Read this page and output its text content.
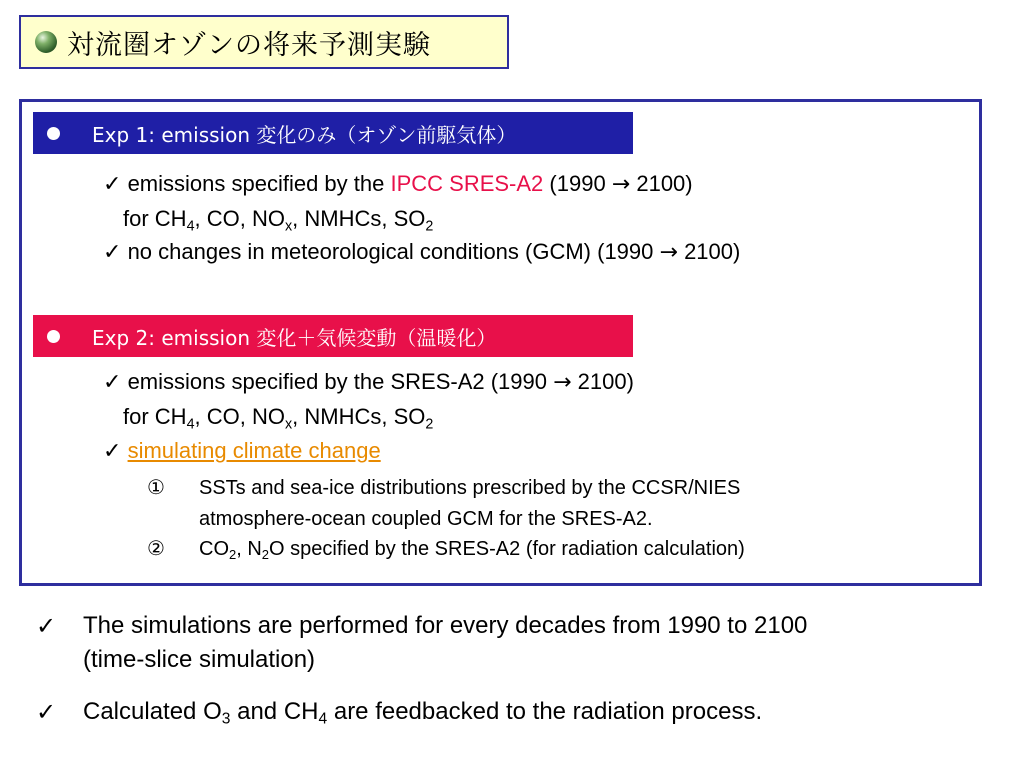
対流圏オゾンの将来予測実験
Exp 1: emission 変化のみ（オゾン前駆気体）
✓ emissions specified by the IPCC SRES-A2 (1990 → 2100)
for $CH_4$, CO, $NO_x$, NMHCs, $SO_2$
✓ no changes in meteorological conditions (GCM) (1990 → 2100)
Exp 2: emission 変化＋気候変動（温暖化）
✓ emissions specified by the SRES-A2 (1990 → 2100)
for $CH_4$, CO, $NO_x$, NMHCs, $SO_2$
✓ simulating climate change
① SSTs and sea-ice distributions prescribed by the CCSR/NIES
atmosphere-ocean coupled GCM for the SRES-A2.
② $CO_2$, $N_2O$ specified by the SRES-A2 (for radiation calculation)
✓ The simulations are performed for every decades from 1990 to 2100
(time-slice simulation)
✓ Calculated $O_3$ and $CH_4$ are feedbacked to the radiation process.
